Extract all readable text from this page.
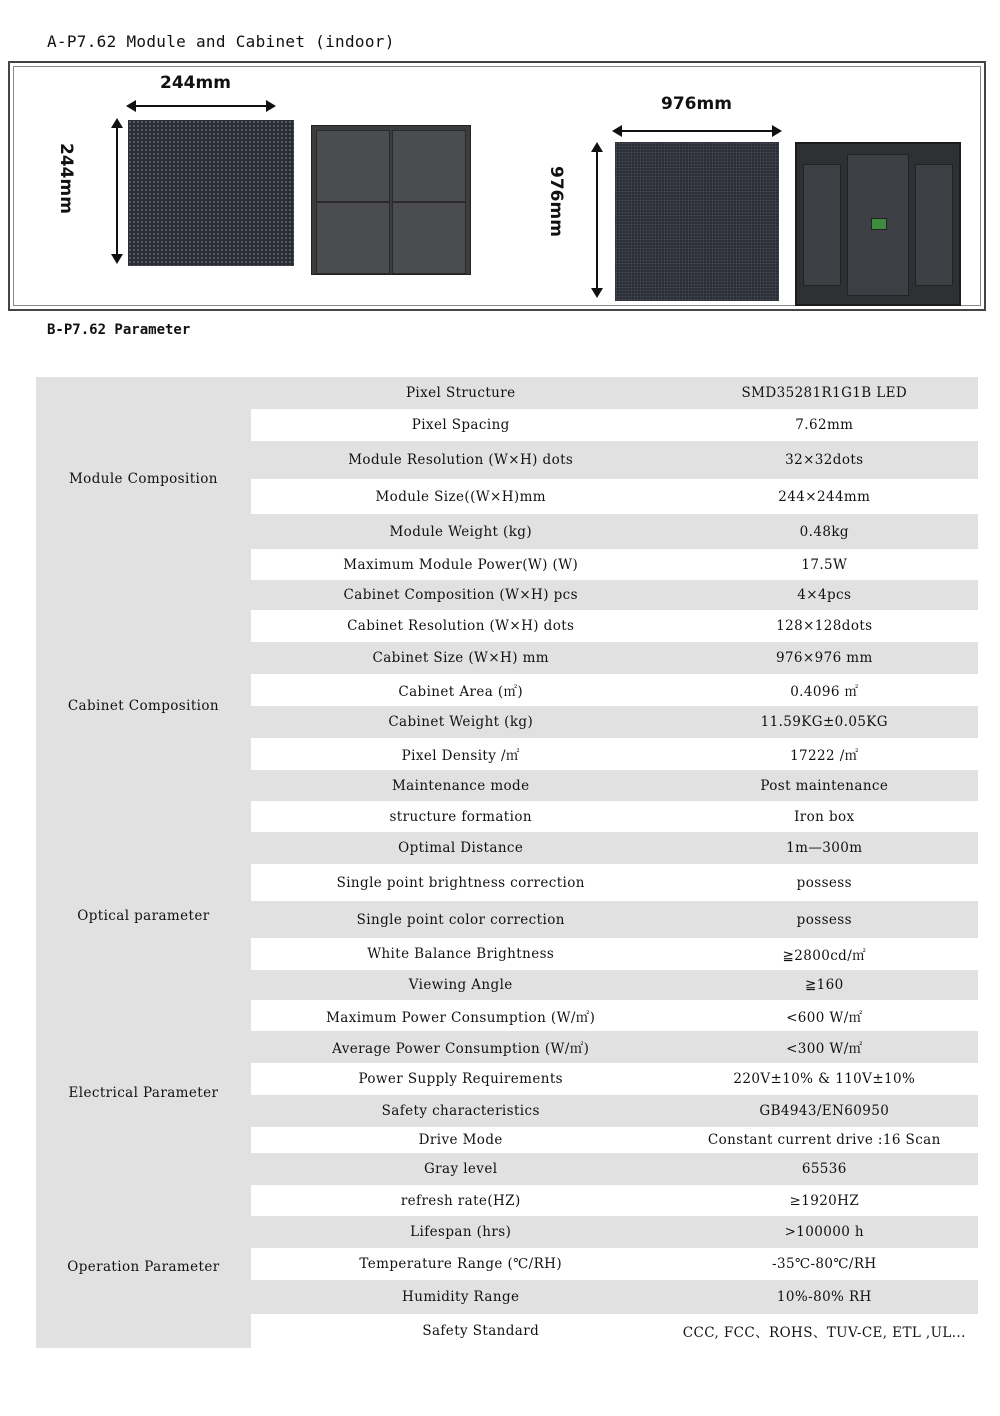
A-P7.62 Module and Cabinet (indoor)
244mm
244mm
976mm
976mm
B-P7.62 Parameter
Module Composition	Pixel Structure	SMD35281R1G1B LED
	Pixel Spacing	7.62mm
	Module Resolution (W×H) dots	32×32dots
	Module Size((W×H)mm	244×244mm
	Module Weight (kg)	0.48kg
	Maximum Module Power(W) (W)	17.5W
Cabinet Composition	Cabinet Composition (W×H) pcs	4×4pcs
	Cabinet Resolution (W×H) dots	128×128dots
	Cabinet Size (W×H) mm	976×976 mm
	Cabinet Area (㎡)	0.4096 ㎡
	Cabinet Weight (kg)	11.59KG±0.05KG
	Pixel Density /㎡	17222 /㎡
	Maintenance mode	Post maintenance
	structure formation	Iron box
Optical parameter	Optimal Distance	1m—300m
	Single point brightness correction	possess
	Single point color correction	possess
	White Balance Brightness	≧2800cd/㎡
	Viewing Angle	≧160
Electrical Parameter	Maximum Power Consumption (W/㎡)	<600 W/㎡
	Average Power Consumption (W/㎡)	<300 W/㎡
	Power Supply Requirements	220V±10% & 110V±10%
	Safety characteristics	GB4943/EN60950
	Drive Mode	Constant current drive :16 Scan
	Gray level	65536
Operation Parameter	refresh rate(HZ)	≥1920HZ
	Lifespan (hrs)	>100000 h
	Temperature Range (℃/RH)	-35℃-80℃/RH
	Humidity Range	10%-80% RH
	Safety Standard	CCC, FCC、ROHS、TUV-CE, ETL ,UL...
